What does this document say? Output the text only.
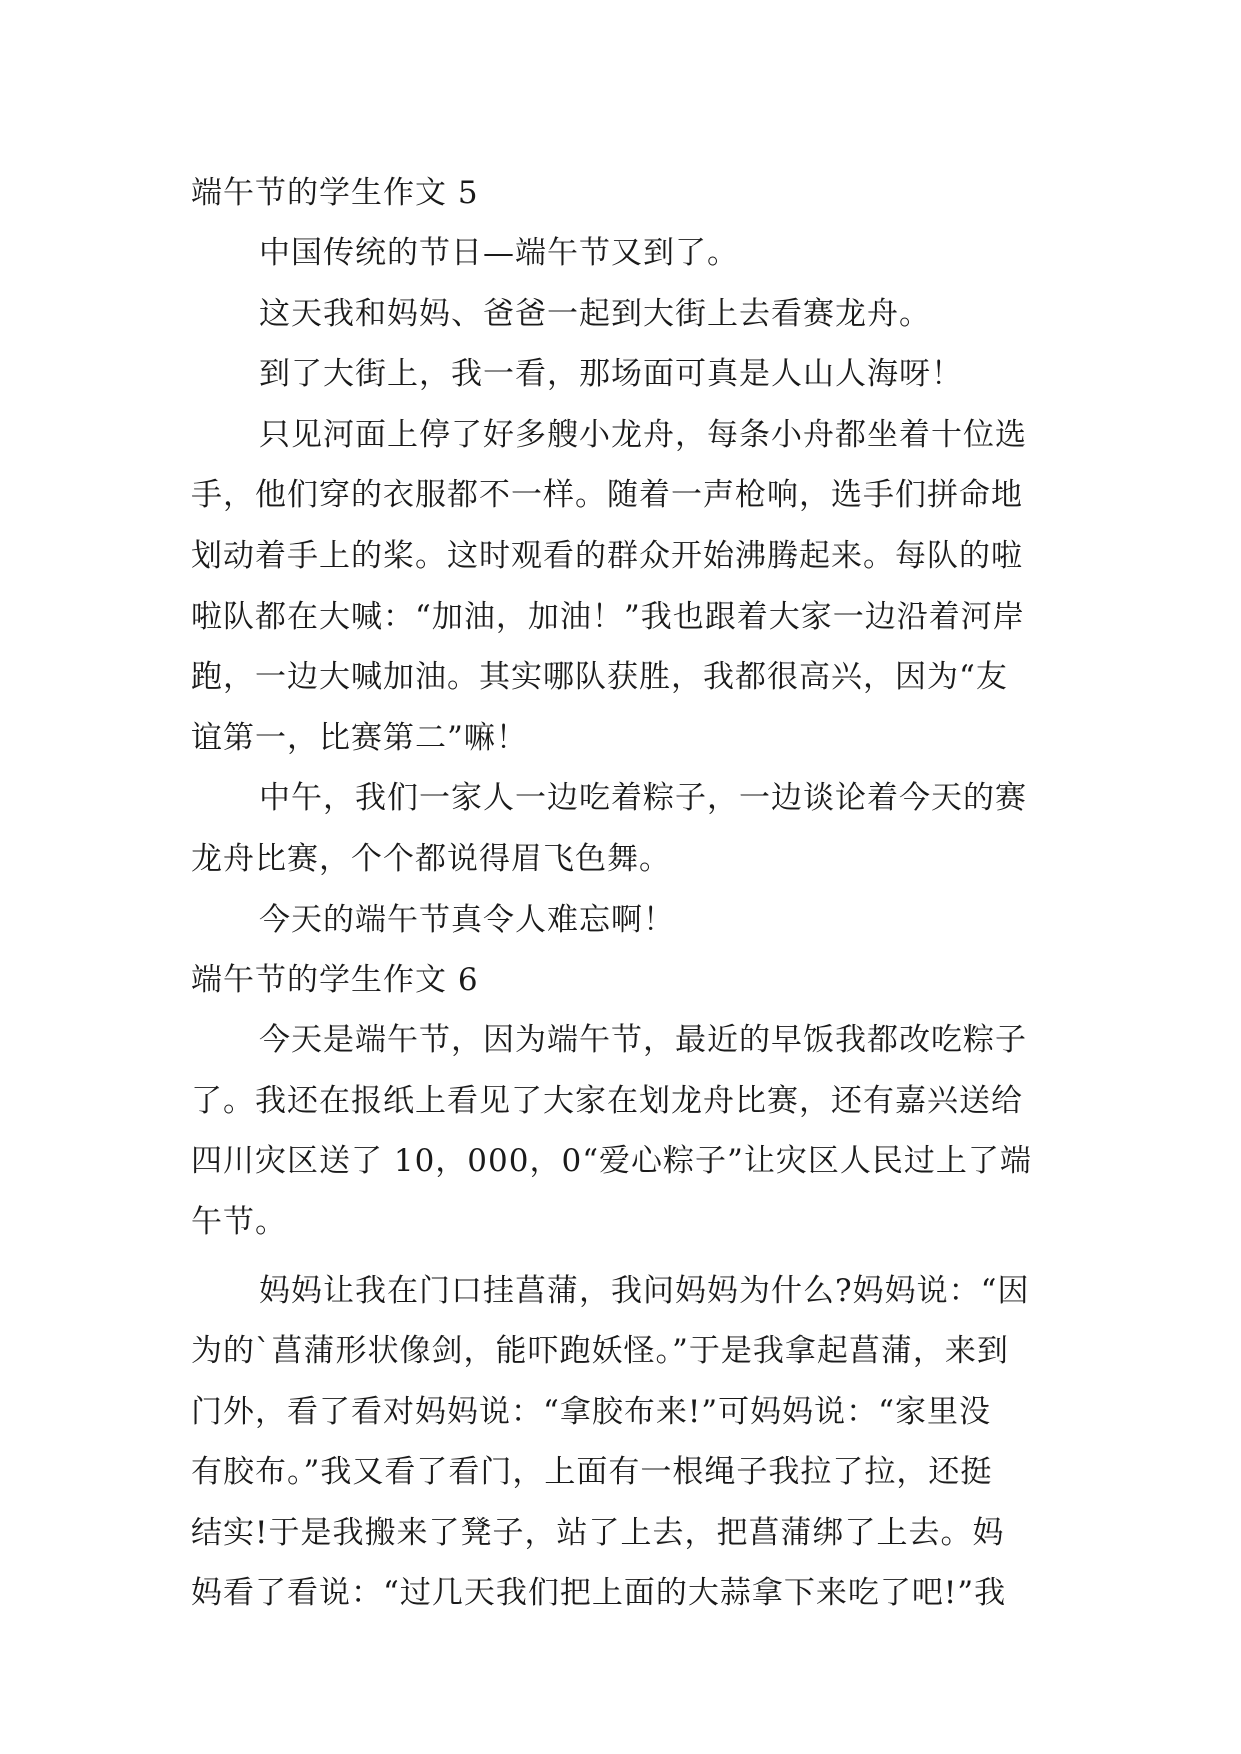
端午节的学生作文 5
中国传统的节日—端午节又到了。
这天我和妈妈、爸爸一起到大街上去看赛龙舟。
到了大街上，我一看，那场面可真是人山人海呀！
只见河面上停了好多艘小龙舟，每条小舟都坐着十位选
手，他们穿的衣服都不一样。随着一声枪响，选手们拼命地
划动着手上的桨。这时观看的群众开始沸腾起来。每队的啦
啦队都在大喊：“加油，加油！”我也跟着大家一边沿着河岸
跑，一边大喊加油。其实哪队获胜，我都很高兴，因为“友
谊第一，比赛第二”嘛！
中午，我们一家人一边吃着粽子，一边谈论着今天的赛
龙舟比赛，个个都说得眉飞色舞。
今天的端午节真令人难忘啊！
端午节的学生作文 6
今天是端午节，因为端午节，最近的早饭我都改吃粽子
了。我还在报纸上看见了大家在划龙舟比赛，还有嘉兴送给
四川灾区送了 10，000，0“爱心粽子”让灾区人民过上了端
午节。
妈妈让我在门口挂菖蒲，我问妈妈为什么?妈妈说：“因
为的`菖蒲形状像剑，能吓跑妖怪。”于是我拿起菖蒲，来到
门外，看了看对妈妈说：“拿胶布来!”可妈妈说：“家里没
有胶布。”我又看了看门，上面有一根绳子我拉了拉，还挺
结实!于是我搬来了凳子，站了上去，把菖蒲绑了上去。妈
妈看了看说：“过几天我们把上面的大蒜拿下来吃了吧!”我
